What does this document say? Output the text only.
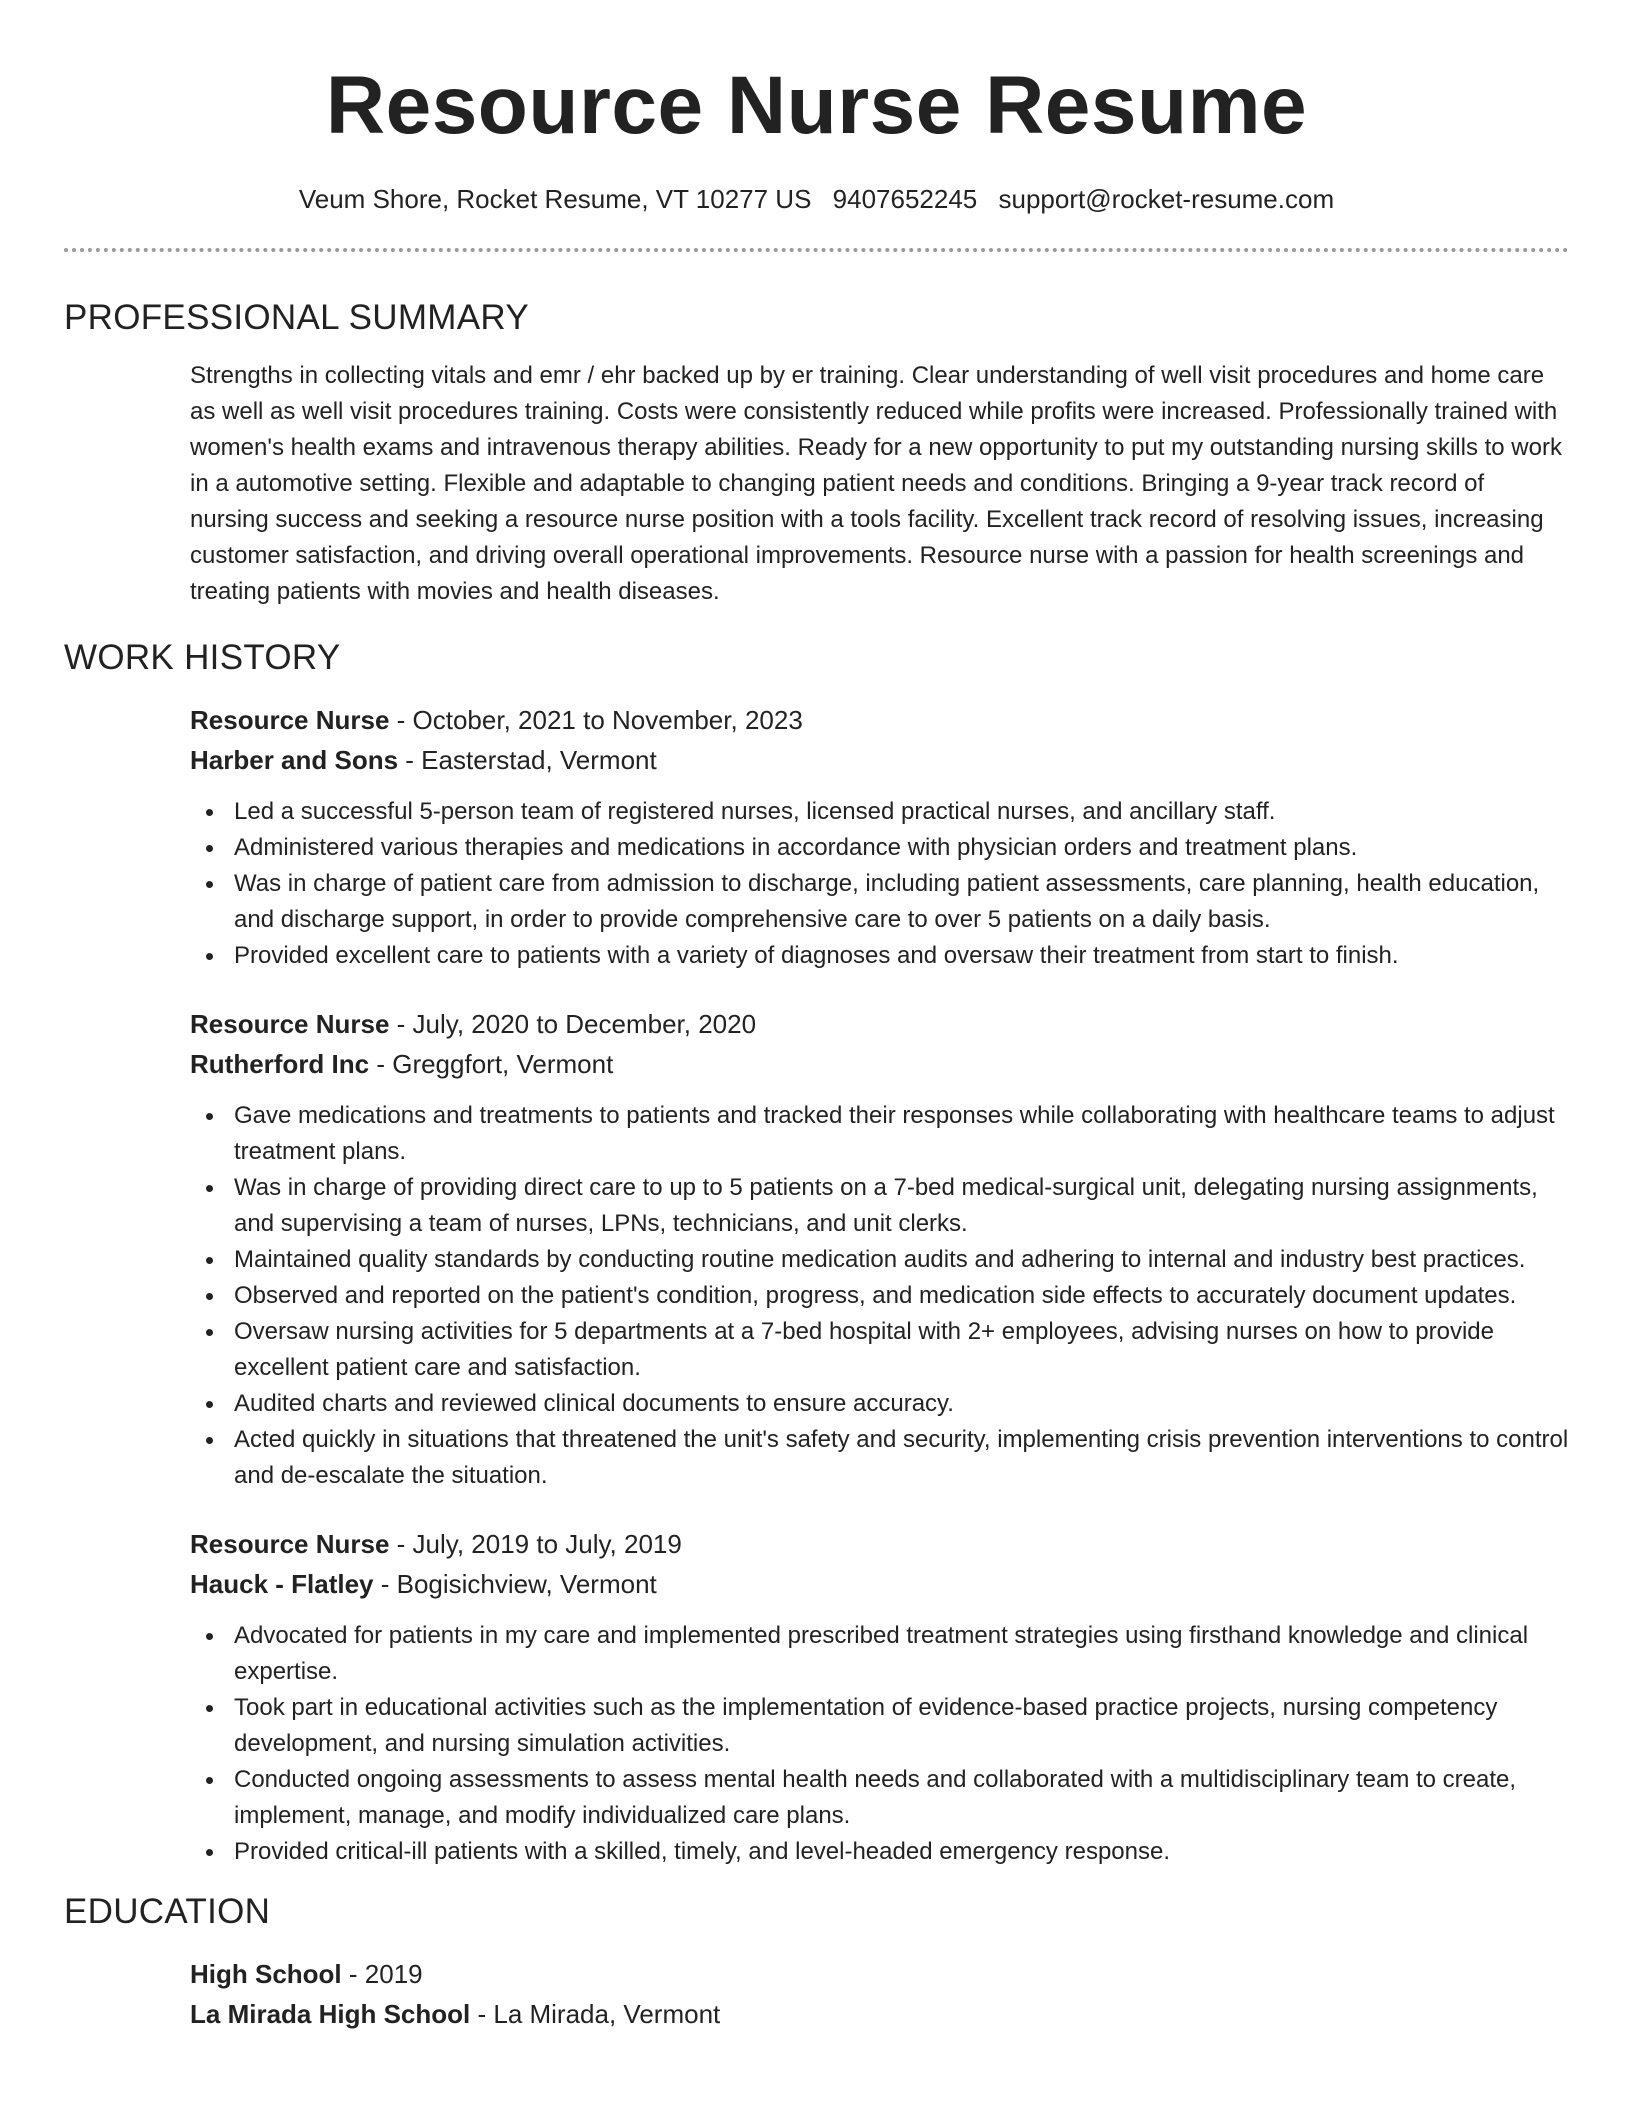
Resource Nurse Resume
Veum Shore, Rocket Resume, VT 10277 US 9407652245 support@rocket-resume.com
PROFESSIONAL SUMMARY

Strengths in collecting vitals and emr / ehr backed up by er training. Clear understanding of well visit procedures and home care as well as well visit procedures training. Costs were consistently reduced while profits were increased. Professionally trained with women's health exams and intravenous therapy abilities. Ready for a new opportunity to put my outstanding nursing skills to work in a automotive setting. Flexible and adaptable to changing patient needs and conditions. Bringing a 9-year track record of nursing success and seeking a resource nurse position with a tools facility. Excellent track record of resolving issues, increasing customer satisfaction, and driving overall operational improvements. Resource nurse with a passion for health screenings and treating patients with movies and health diseases.

WORK HISTORY
Resource Nurse - October, 2021 to November, 2023
Harber and Sons - Easterstad, Vermont
Led a successful 5-person team of registered nurses, licensed practical nurses, and ancillary staff.
Administered various therapies and medications in accordance with physician orders and treatment plans.
Was in charge of patient care from admission to discharge, including patient assessments, care planning, health education, and discharge support, in order to provide comprehensive care to over 5 patients on a daily basis.
Provided excellent care to patients with a variety of diagnoses and oversaw their treatment from start to finish.
Resource Nurse - July, 2020 to December, 2020
Rutherford Inc - Greggfort, Vermont
Gave medications and treatments to patients and tracked their responses while collaborating with healthcare teams to adjust treatment plans.
Was in charge of providing direct care to up to 5 patients on a 7-bed medical-surgical unit, delegating nursing assignments, and supervising a team of nurses, LPNs, technicians, and unit clerks.
Maintained quality standards by conducting routine medication audits and adhering to internal and industry best practices.
Observed and reported on the patient's condition, progress, and medication side effects to accurately document updates.
Oversaw nursing activities for 5 departments at a 7-bed hospital with 2+ employees, advising nurses on how to provide excellent patient care and satisfaction.
Audited charts and reviewed clinical documents to ensure accuracy.
Acted quickly in situations that threatened the unit's safety and security, implementing crisis prevention interventions to control and de-escalate the situation.
Resource Nurse - July, 2019 to July, 2019
Hauck - Flatley - Bogisichview, Vermont
Advocated for patients in my care and implemented prescribed treatment strategies using firsthand knowledge and clinical expertise.
Took part in educational activities such as the implementation of evidence-based practice projects, nursing competency development, and nursing simulation activities.
Conducted ongoing assessments to assess mental health needs and collaborated with a multidisciplinary team to create, implement, manage, and modify individualized care plans.
Provided critical-ill patients with a skilled, timely, and level-headed emergency response.
EDUCATION
High School - 2019
La Mirada High School - La Mirada, Vermont
